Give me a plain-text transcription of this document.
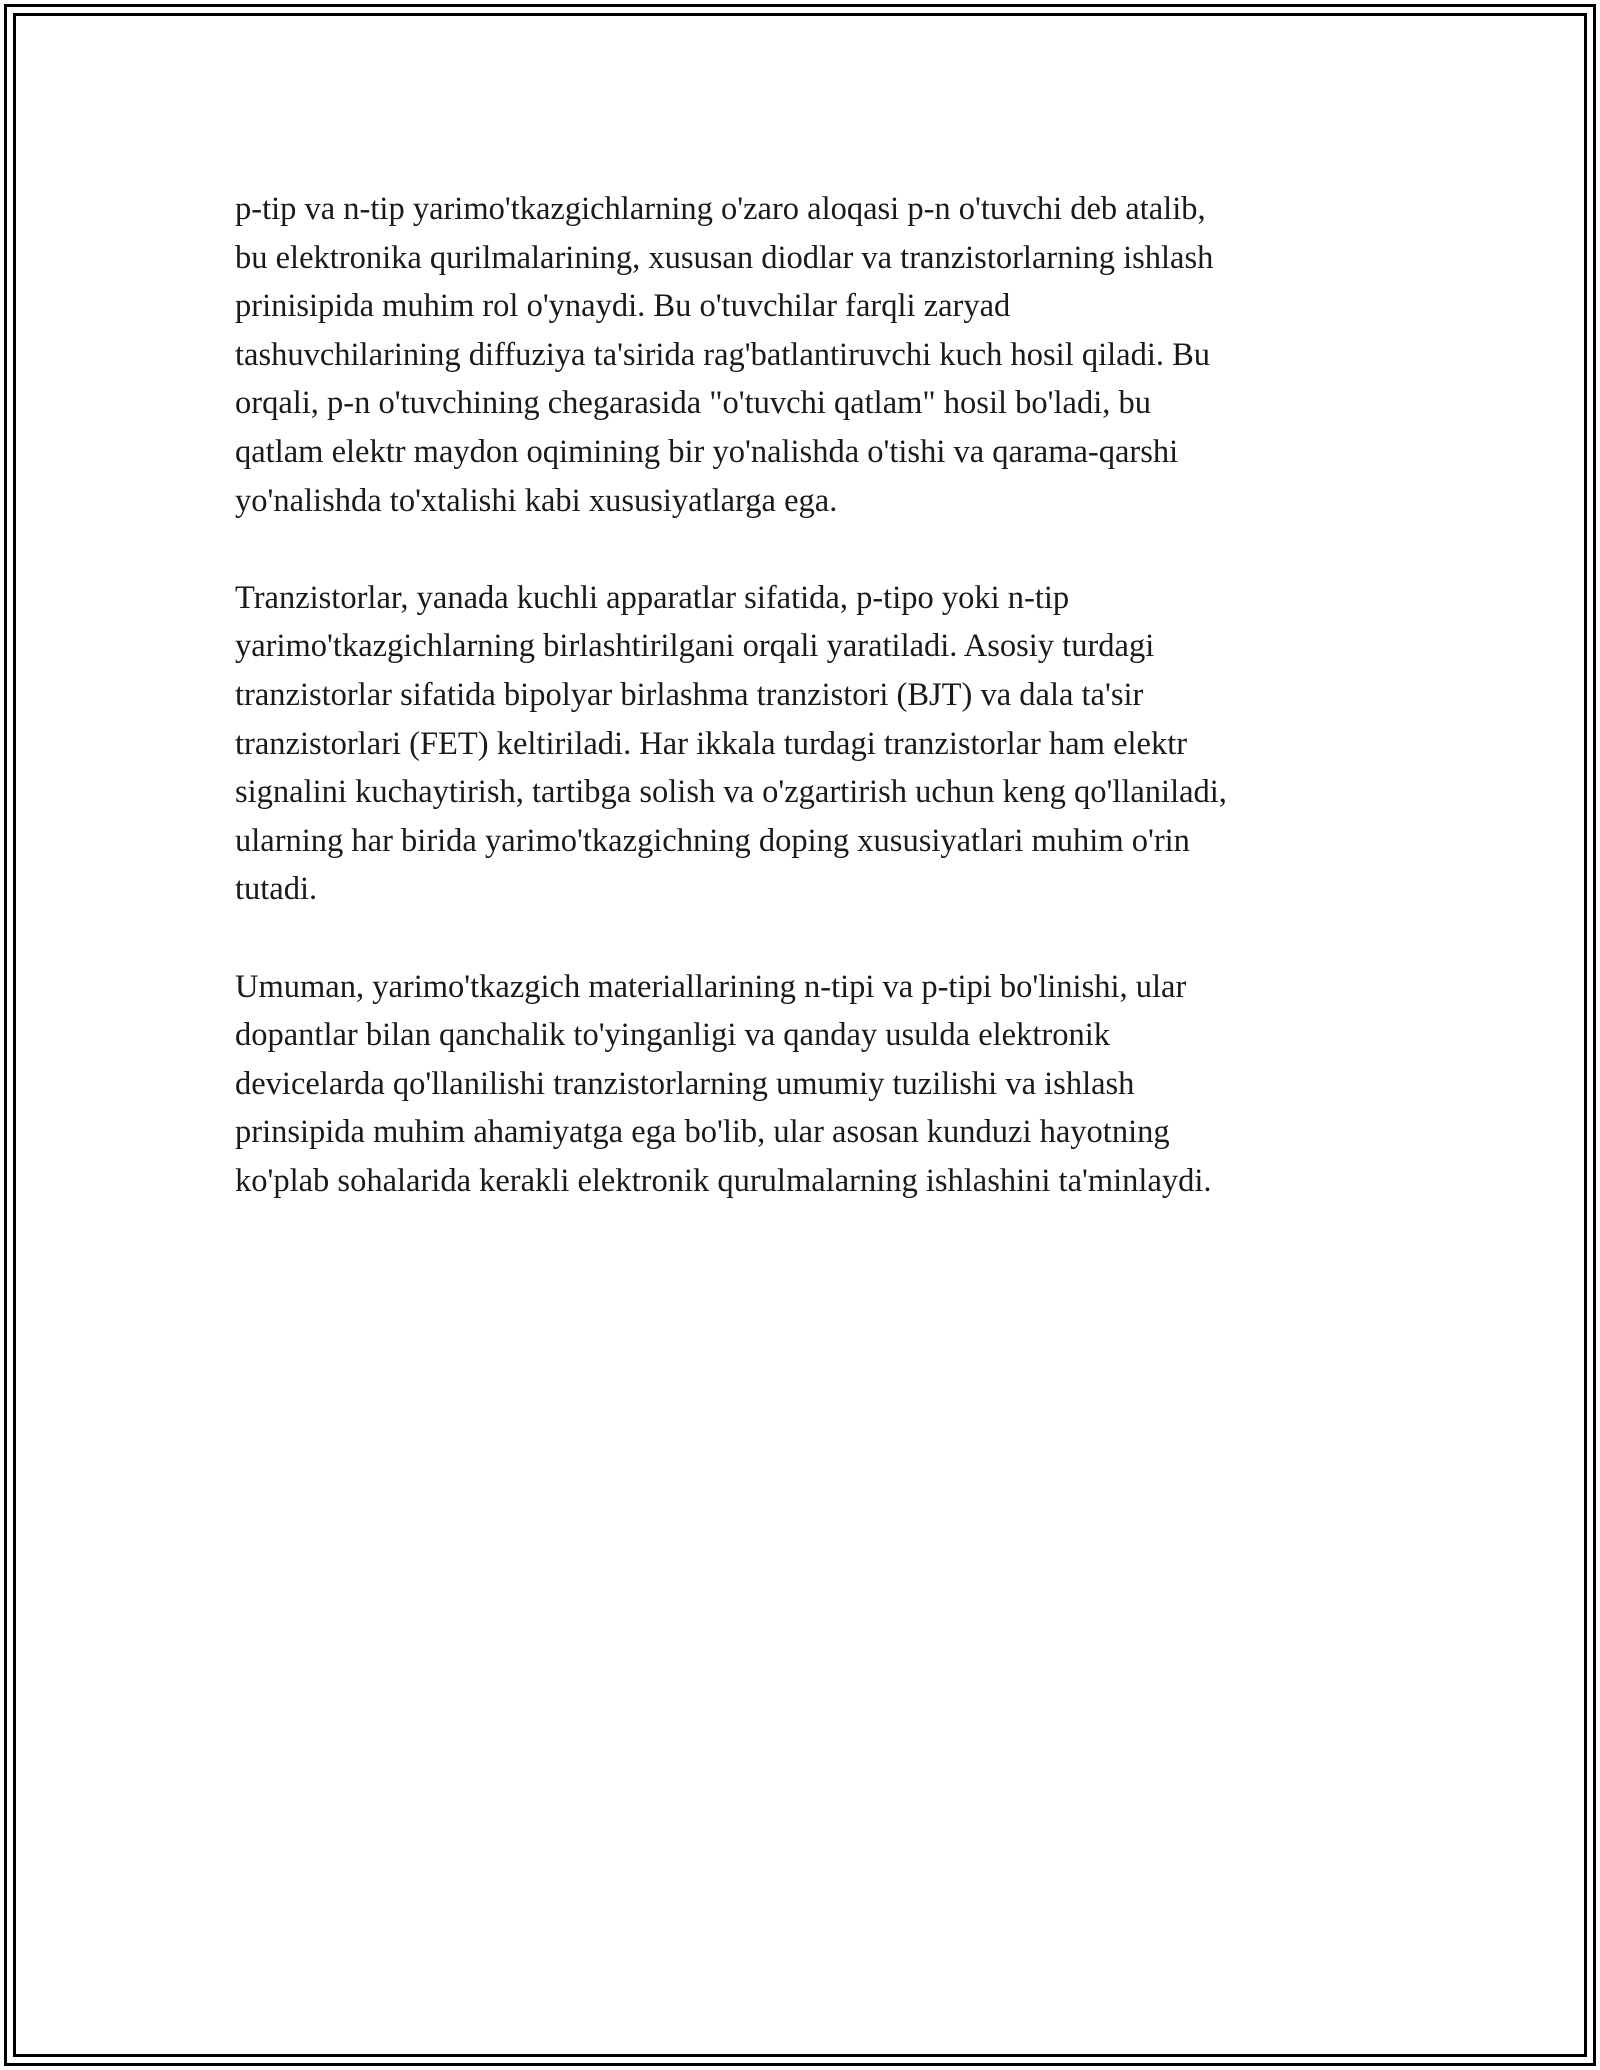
p-tip va n-tip yarimo'tkazgichlarning o'zaro aloqasi p-n o'tuvchi deb atalib,
bu elektronika qurilmalarining, xususan diodlar va tranzistorlarning ishlash
prinisipida muhim rol o'ynaydi. Bu o'tuvchilar farqli zaryad
tashuvchilarining diffuziya ta'sirida rag'batlantiruvchi kuch hosil qiladi. Bu
orqali, p-n o'tuvchining chegarasida "o'tuvchi qatlam" hosil bo'ladi, bu
qatlam elektr maydon oqimining bir yo'nalishda o'tishi va qarama-qarshi
yo'nalishda to'xtalishi kabi xususiyatlarga ega.

Tranzistorlar, yanada kuchli apparatlar sifatida, p-tipo yoki n-tip
yarimo'tkazgichlarning birlashtirilgani orqali yaratiladi. Asosiy turdagi
tranzistorlar sifatida bipolyar birlashma tranzistori (BJT) va dala ta'sir
tranzistorlari (FET) keltiriladi. Har ikkala turdagi tranzistorlar ham elektr
signalini kuchaytirish, tartibga solish va o'zgartirish uchun keng qo'llaniladi,
ularning har birida yarimo'tkazgichning doping xususiyatlari muhim o'rin
tutadi.

Umuman, yarimo'tkazgich materiallarining n-tipi va p-tipi bo'linishi, ular
dopantlar bilan qanchalik to'yinganligi va qanday usulda elektronik
devicelarda qo'llanilishi tranzistorlarning umumiy tuzilishi va ishlash
prinsipida muhim ahamiyatga ega bo'lib, ular asosan kunduzi hayotning
ko'plab sohalarida kerakli elektronik qurulmalarning ishlashini ta'minlaydi.
